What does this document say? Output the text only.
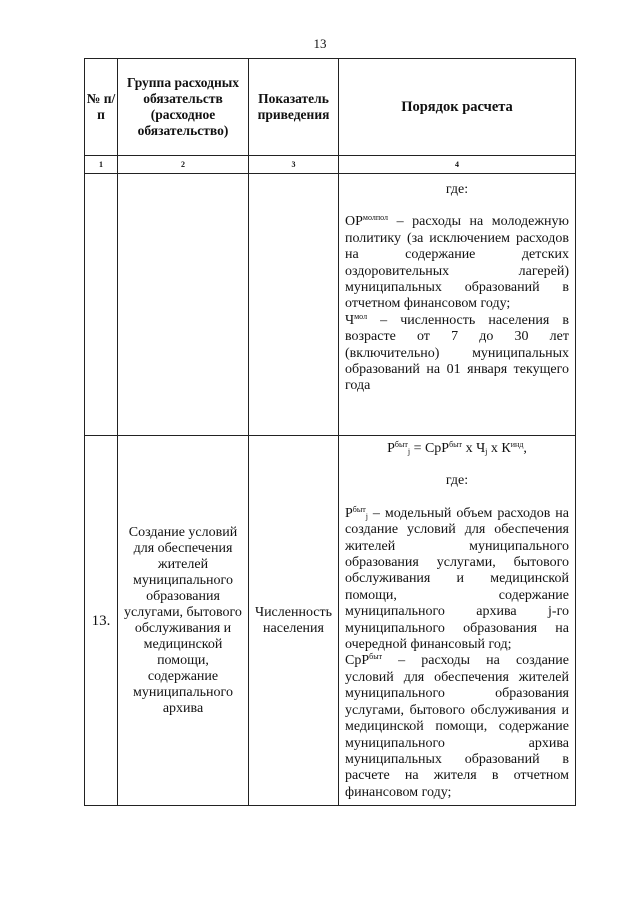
13
№ п/п	Группа расходных обязательств (расходное обязательство)	Показатель приведения	Порядок расчета
1	2	3	4

			где:
$ОР^{молпол}$ – расходы на молодежную политику (за исключением расходов на содержание детских оздоровительных лагерей) муниципальных образований в отчетном финансовом году;
$Ч^{мол}$ – численность населения в возрасте от 7 до 30 лет (включительно) муниципальных образований на 01 января текущего года

13.	Создание условий для обеспечения жителей муниципального образования услугами, бытового обслуживания и медицинской помощи, содержание муниципального архива	Численность населения	$Р^{быт}_j = СрР^{быт}$ х $Ч_j$ х $К^{инд}$,
где:
$Р^{быт}_j$ – модельный объем расходов на создание условий для обеспечения жителей муниципального образования услугами, бытового обслуживания и медицинской помощи, содержание муниципального архива j-го муниципального образования на очередной финансовый год;
СрР$^{быт}$ – расходы на создание условий для обеспечения жителей муниципального образования услугами, бытового обслуживания и медицинской помощи, содержание муниципального архива муниципальных образований в расчете на жителя в отчетном финансовом году;
